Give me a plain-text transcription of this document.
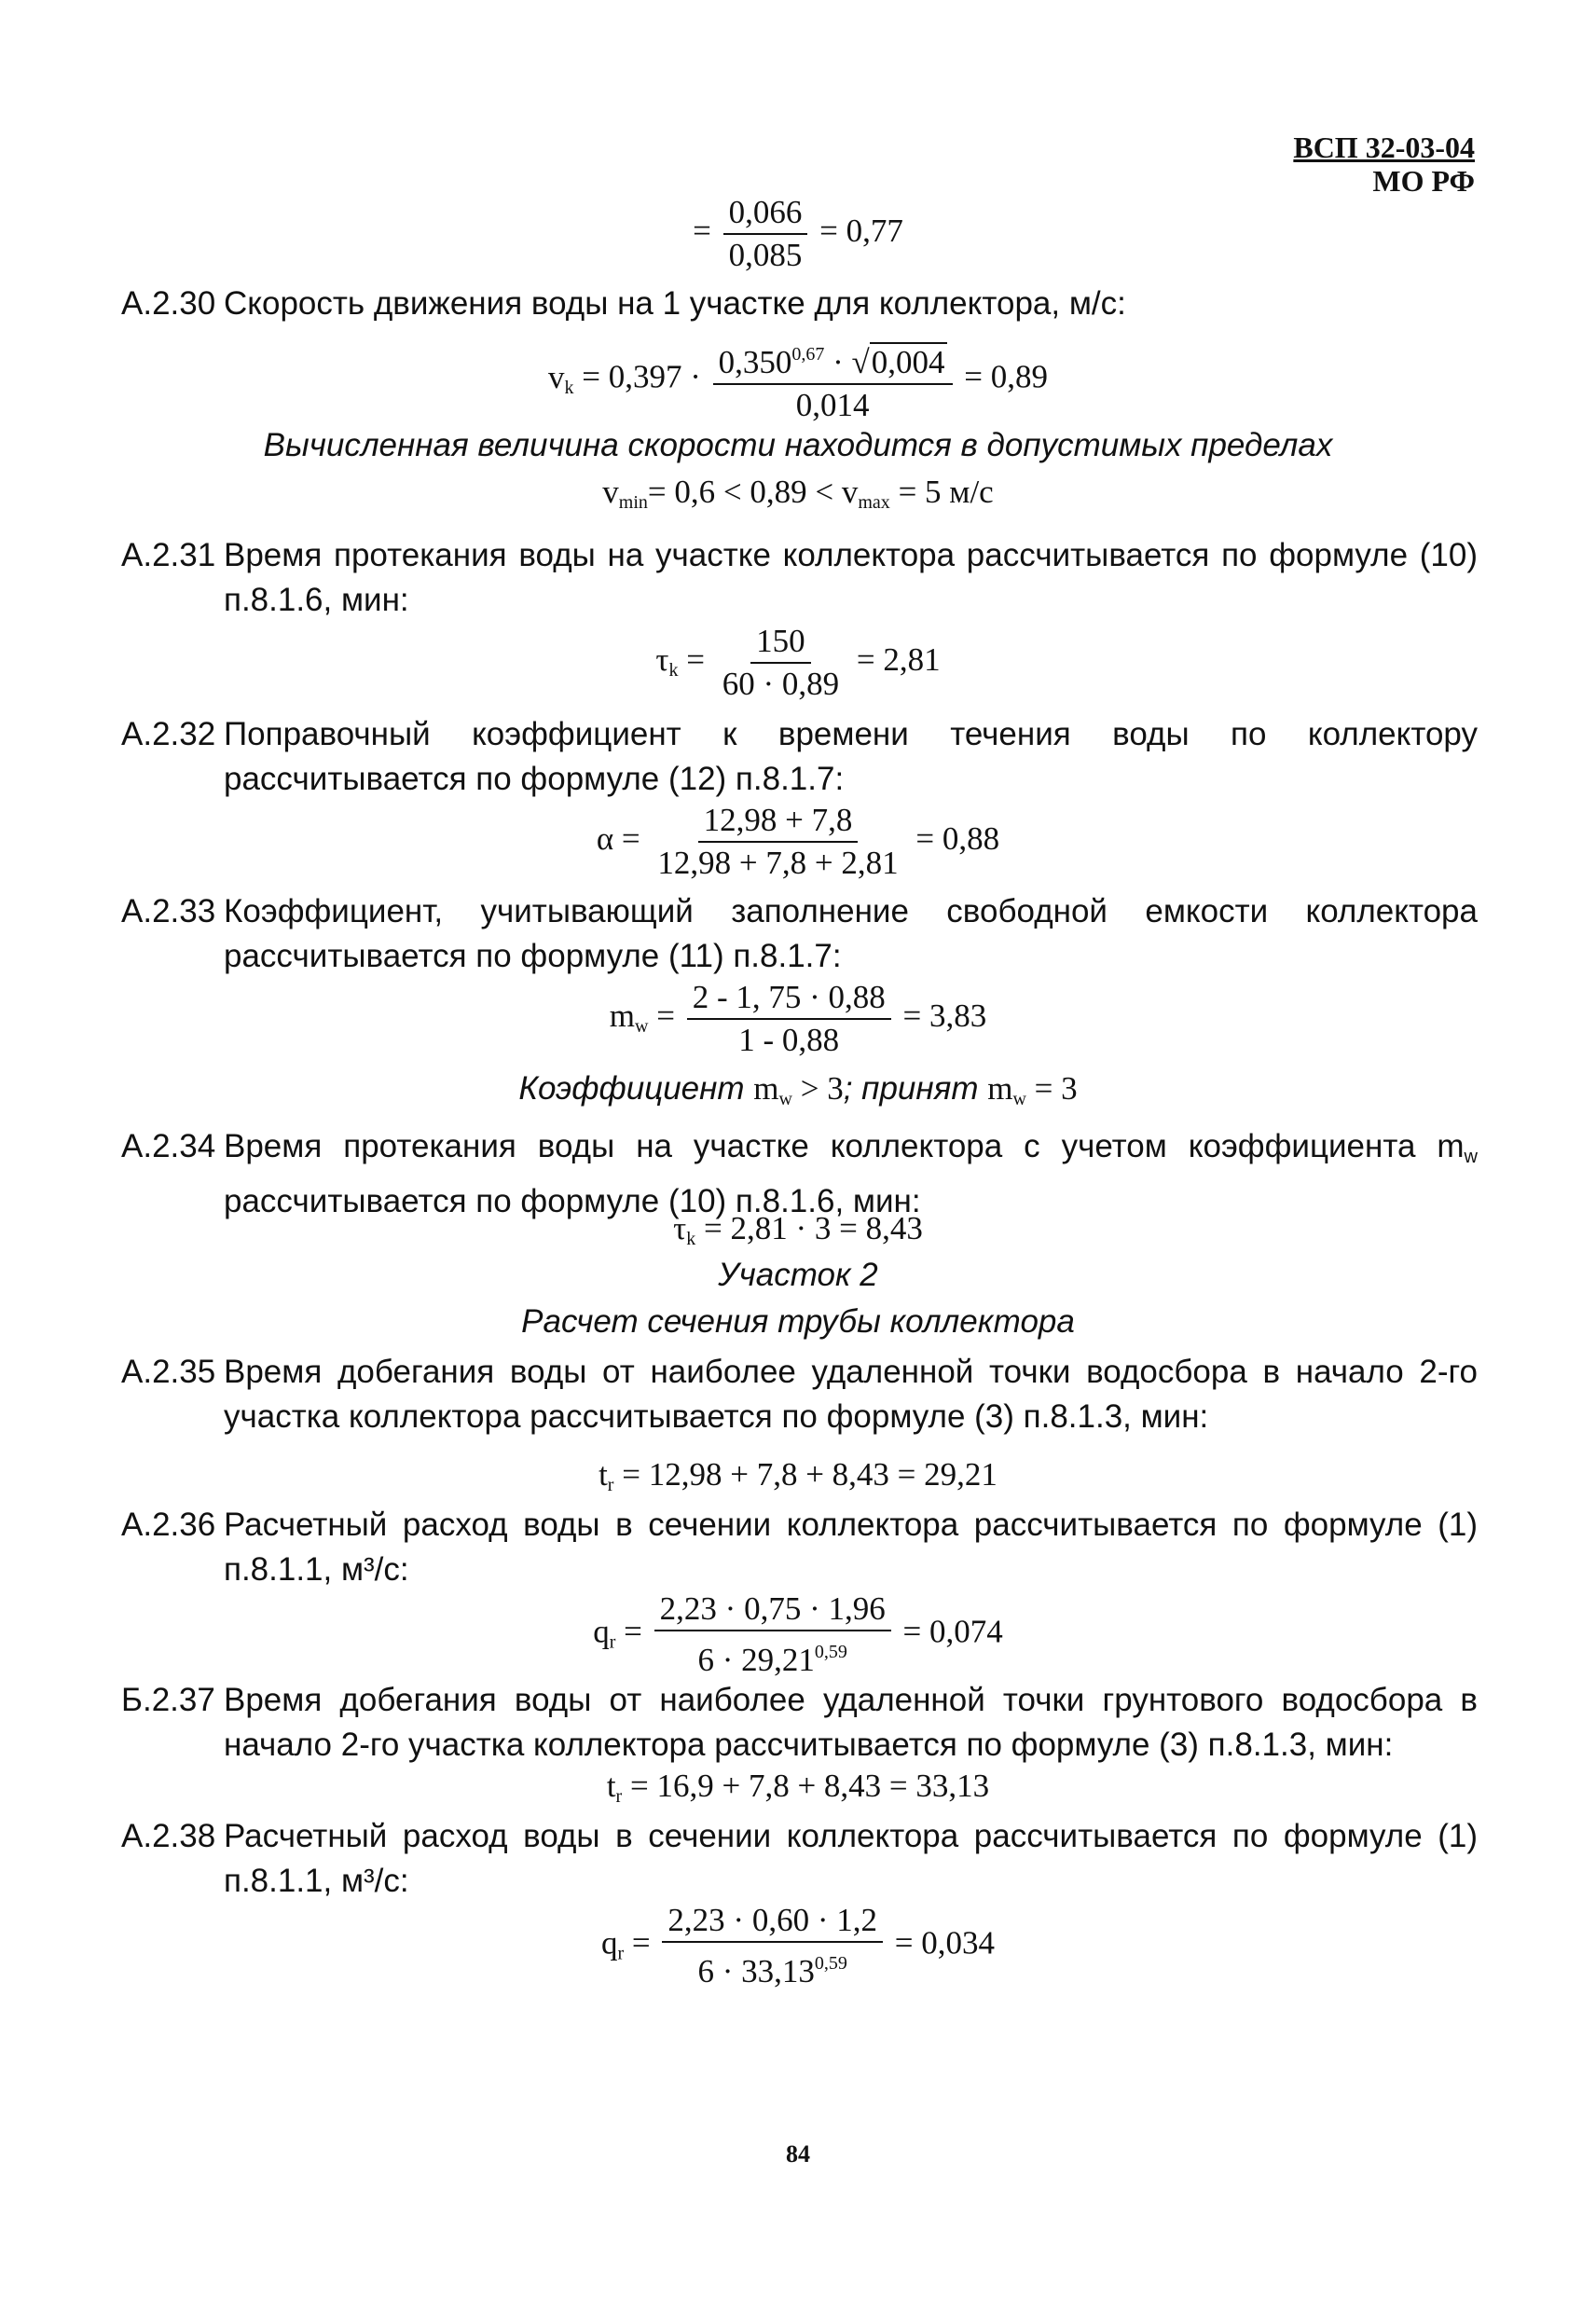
ВСП 32-03-04
МО РФ
= $\frac{0,066}{0,085} = 0,77$
А.2.30 Скорость движения воды на 1 участке для коллектора, м/с:
$v_k = 0,397 \cdot \frac{0,350^{0,67} \cdot √0,004}{0,014} = 0,89$
Вычисленная величина скорости находится в допустимых пределах
$v_{min}= 0,6 < 0,89 < v_{max} = 5$ м/с
А.2.31 Время протекания воды на участке коллектора рассчитывается по формуле (10) п.8.1.6, мин:
$\tau_k = \frac{150}{60 \cdot 0,89} = 2,81$
А.2.32 Поправочный коэффициент к времени течения воды по коллектору
рассчитывается по формуле (12) п.8.1.7:
$\alpha = \frac{12,98 + 7,8}{12,98 + 7,8 + 2,81} = 0,88$
А.2.33 Коэффициент, учитывающий заполнение свободной емкости коллектора
рассчитывается по формуле (11) п.8.1.7:
$m_w = \frac{2 - 1, 75 \cdot 0,88}{1 - 0,88} = 3,83$
Коэффициент $m_w > 3$; принят $m_w = 3$
А.2.34 Время протекания воды на участке коллектора с учетом коэффициента $m_w$
рассчитывается по формуле (10) п.8.1.6, мин:
$\tau_k = 2,81 \cdot 3 = 8,43$
Участок 2
Расчет сечения трубы коллектора
А.2.35 Время добегания воды от наиболее удаленной точки водосбора в начало 2-го
участка коллектора рассчитывается по формуле (3) п.8.1.3, мин:
$t_r = 12,98 + 7,8 + 8,43 = 29,21$
А.2.36 Расчетный расход воды в сечении коллектора рассчитывается по формуле (1)
п.8.1.1, м³/с:
$q_r = \frac{2,23 \cdot 0,75 \cdot 1,96}{6 \cdot 29,21^{0,59}} = 0,074$
Б.2.37 Время добегания воды от наиболее удаленной точки грунтового водосбора в
начало 2-го участка коллектора рассчитывается по формуле (3) п.8.1.3, мин:
$t_r = 16,9 + 7,8 + 8,43 = 33,13$
А.2.38 Расчетный расход воды в сечении коллектора рассчитывается по формуле (1)
п.8.1.1, м³/с:
$q_r = \frac{2,23 \cdot 0,60 \cdot 1,2}{6 \cdot 33,13^{0,59}} = 0,034$
84
